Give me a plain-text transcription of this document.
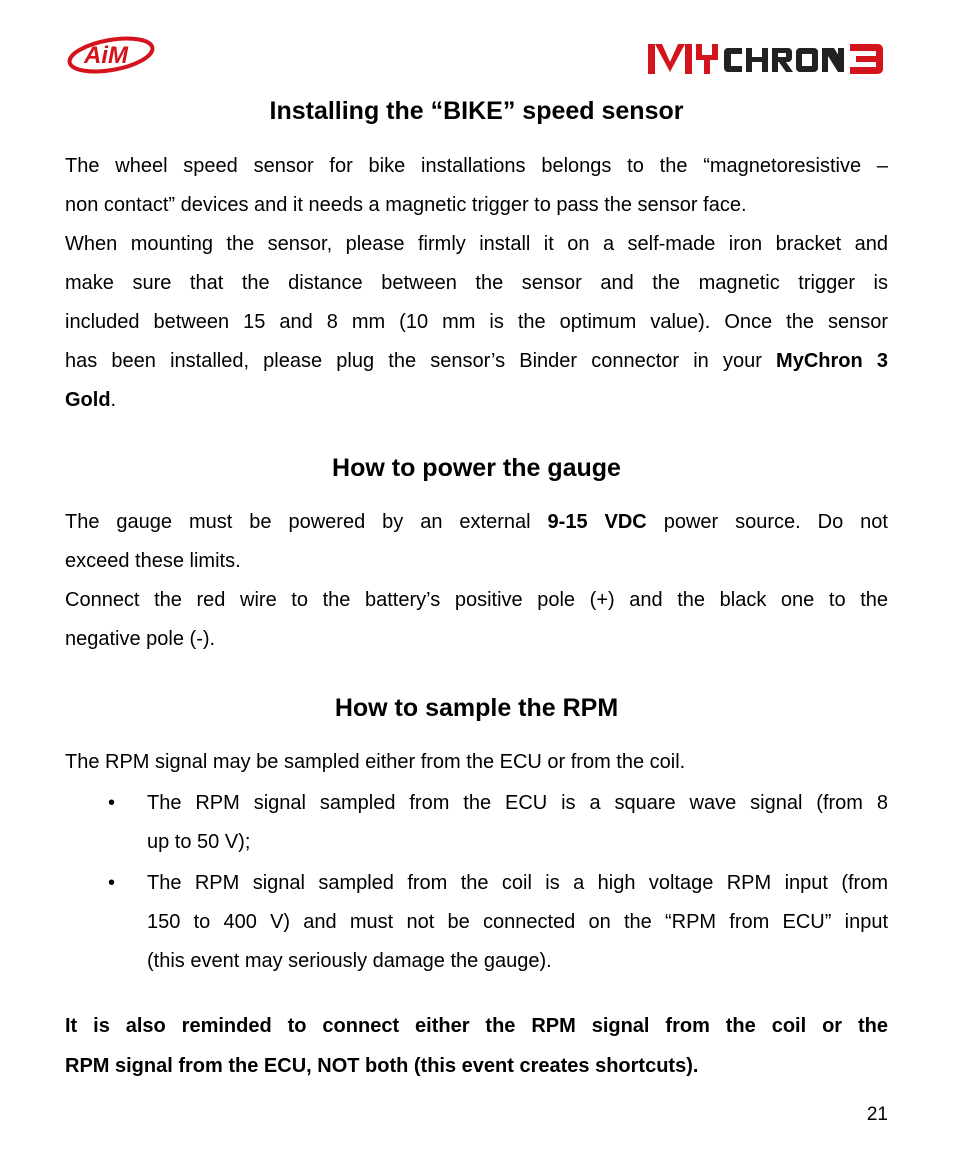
AiM
MYCHRON3
Installing the “BIKE” speed sensor
The wheel speed sensor for bike installations belongs to the “magnetoresistive –
non contact” devices and it needs a magnetic trigger to pass the sensor face.
When mounting the sensor, please firmly install it on a self-made iron bracket and
make sure that the distance between the sensor and the magnetic trigger is
included between 15 and 8 mm (10 mm is the optimum value). Once the sensor
has been installed, please plug the sensor’s Binder connector in your MyChron 3
Gold.
How to power the gauge
The gauge must be powered by an external 9-15 VDC power source. Do not
exceed these limits.
Connect the red wire to the battery’s positive pole (+) and the black one to the
negative pole (-).
How to sample the RPM
The RPM signal may be sampled either from the ECU or from the coil.
• The RPM signal sampled from the ECU is a square wave signal (from 8
up to 50 V);
• The RPM signal sampled from the coil is a high voltage RPM input (from
150 to 400 V) and must not be connected on the “RPM from ECU” input
(this event may seriously damage the gauge).
It is also reminded to connect either the RPM signal from the coil or the
RPM signal from the ECU, NOT both (this event creates shortcuts).
21
